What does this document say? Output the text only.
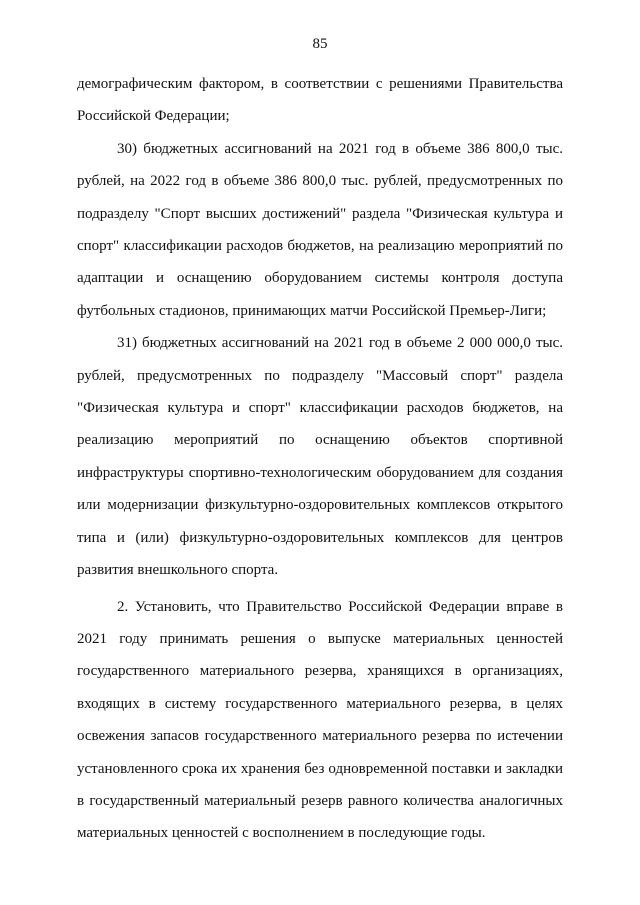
85

демографическим фактором, в соответствии с решениями Правительства Российской Федерации;

30) бюджетных ассигнований на 2021 год в объеме 386 800,0 тыс. рублей, на 2022 год в объеме 386 800,0 тыс. рублей, предусмотренных по подразделу "Спорт высших достижений" раздела "Физическая культура и спорт" классификации расходов бюджетов, на реализацию мероприятий по адаптации и оснащению оборудованием системы контроля доступа футбольных стадионов, принимающих матчи Российской Премьер-Лиги;

31) бюджетных ассигнований на 2021 год в объеме 2 000 000,0 тыс. рублей, предусмотренных по подразделу "Массовый спорт" раздела "Физическая культура и спорт" классификации расходов бюджетов, на реализацию мероприятий по оснащению объектов спортивной инфраструктуры спортивно-технологическим оборудованием для создания или модернизации физкультурно-оздоровительных комплексов открытого типа и (или) физкультурно-оздоровительных комплексов для центров развития внешкольного спорта.

2. Установить, что Правительство Российской Федерации вправе в 2021 году принимать решения о выпуске материальных ценностей государственного материального резерва, хранящихся в организациях, входящих в систему государственного материального резерва, в целях освежения запасов государственного материального резерва по истечении установленного срока их хранения без одновременной поставки и закладки в государственный материальный резерв равного количества аналогичных материальных ценностей с восполнением в последующие годы.
